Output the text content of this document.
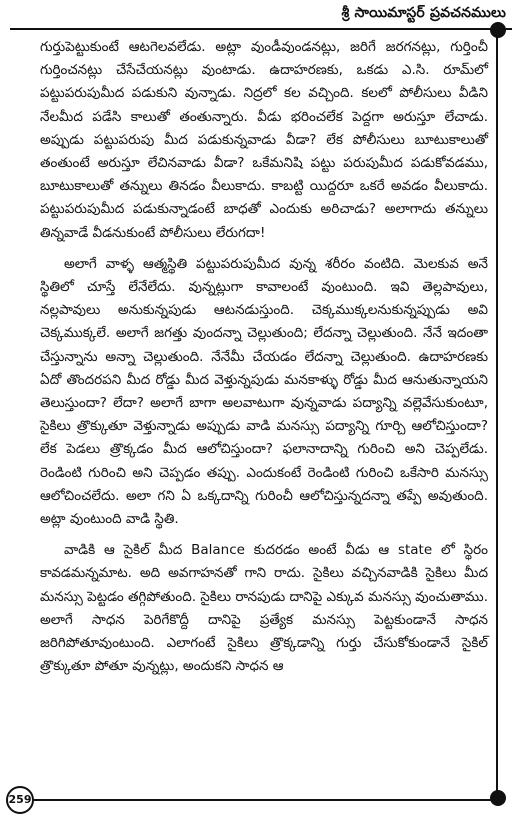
శ్రీ సాయిమాస్టర్ ప్రవచనములు

గుర్తుపెట్టుకుంటే ఆటగెలవలేడు. అట్లా వుండీవుండనట్లు, జరిగే జరగనట్లు, గుర్తించీ గుర్తించనట్లు చేసేచేయనట్లు వుంటాడు. ఉదాహరణకు, ఒకడు ఎ.సి. రూమ్‌లో పట్టుపరుపుమీద పడుకుని వున్నాడు. నిద్రలో కల వచ్చింది. కలలో పోలీసులు వీడిని నేలమీద పడేసి కాలుతో తంతున్నారు. వీడు భరించలేక పెద్దగా అరుస్తూ లేచాడు. అప్పుడు పట్టుపరుపు మీద పడుకున్నవాడు వీడా? లేక పోలీసులు బూటుకాలుతో తంతుంటే అరుస్తూ లేచినవాడు వీడా? ఒకేమనిషి పట్టు పరుపుమీద పడుకోవడము, బూటుకాలుతో తన్నులు తినడం వీలుకాదు. కాబట్టి యిద్దరూ ఒకరే అవడం వీలుకాదు. పట్టుపరుపుమీద పడుకున్నాడంటే బాధతో ఎందుకు అరిచాడు? అలాగాదు తన్నులు తిన్నవాడే వీడనుకుంటే పోలీసులు లేరుగదా!

అలాగే వాళ్ళ ఆత్మస్థితి పట్టుపరుపుమీద వున్న శరీరం వంటిది. మెలకువ అనే స్థితిలో చూస్తే లేనేలేదు. వున్నట్లుగా కావాలంటే వుంటుంది. ఇవి తెల్లపావులు, నల్లపావులు అనుకున్నపుడు ఆటనడుస్తుంది. చెక్కముక్కలనుకున్నప్పుడు అవి చెక్కముక్కలే. అలాగే జగత్తు వుందన్నా చెల్లుతుంది; లేదన్నా చెల్లుతుంది. నేనే ఇదంతా చేస్తున్నాను అన్నా చెల్లుతుంది. నేనేమీ చేయడం లేదన్నా చెల్లుతుంది. ఉదాహరణకు ఏదో తొందరపని మీద రోడ్డు మీద వెళ్తున్నపుడు మనకాళ్ళు రోడ్డు మీద ఆనుతున్నాయని తెలుస్తుందా? లేదా? అలాగే బాగా అలవాటుగా వున్నవాడు పద్యాన్ని వల్లెవేసుకుంటూ, సైకిలు త్రొక్కుతూ వెళ్తున్నాడు అప్పుడు వాడి మనస్సు పద్యాన్ని గూర్చి ఆలోచిస్తుందా? లేక పెడలు త్రొక్కడం మీద ఆలోచిస్తుందా? ఫలానాదాన్ని గురించి అని చెప్పలేడు. రెండింటి గురించి అని చెప్పడం తప్పు. ఎందుకంటే రెండింటి గురించి ఒకేసారి మనస్సు ఆలోచించలేదు. అలా గని ఏ ఒక్కదాన్ని గురించీ ఆలోచిస్తున్నదన్నా తప్పే అవుతుంది. అట్లా వుంటుంది వాడి స్థితి.

వాడికి ఆ సైకిల్ మీద Balance కుదరడం అంటే వీడు ఆ state లో స్థిరం కావడమన్నమాట. అది అవగాహనతో గాని రాదు. సైకిలు వచ్చినవాడికి సైకిలు మీద మనస్సు పెట్టడం తగ్గిపోతుంది. సైకిలు రానపుడు దానిపై ఎక్కువ మనస్సు వుంచుతాము. అలాగే సాధన పెరిగేకొద్దీ దానిపై ప్రత్యేక మనస్సు పెట్టకుండానే సాధన జరిగిపోతూవుంటుంది. ఎలాగంటే సైకిలు త్రొక్కడాన్ని గుర్తు చేసుకోకుండానే సైకిల్ త్రొక్కుతూ పోతూ వున్నట్లు, అందుకని సాధన ఆ

259
